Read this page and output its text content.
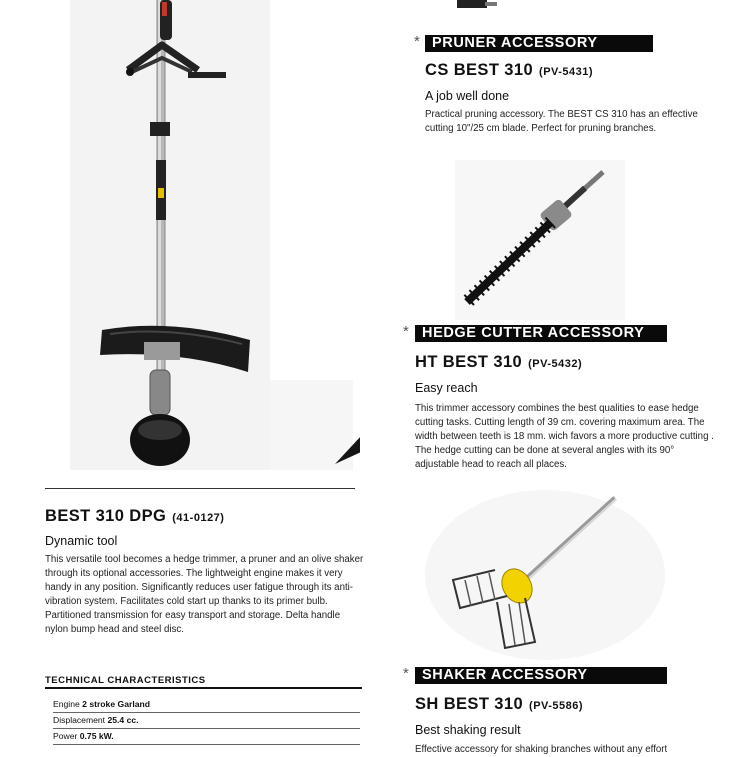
BEST 310 DPG (41-0127)
Dynamic tool
This versatile tool becomes a hedge trimmer, a pruner and an olive shaker through its optional accessories. The lightweight engine makes it very handy in any position. Significantly reduces user fatigue through its anti-vibration system. Facilitates cold start up thanks to its primer bulb. Partitioned transmission for easy transport and storage. Delta handle nylon bump head and steel disc.
TECHNICAL CHARACTERISTICS
Engine 2 stroke Garland
Displacement 25.4 cc.
Power 0.75 kW.
* PRUNER ACCESSORY
CS BEST 310 (PV-5431)
A job well done
Practical pruning accessory. The BEST CS 310 has an effective cutting 10"/25 cm blade. Perfect for pruning branches.
* HEDGE CUTTER ACCESSORY
HT BEST 310 (PV-5432)
Easy reach
This trimmer accessory combines the best qualities to ease hedge cutting tasks. Cutting length of 39 cm. covering maximum area. The width between teeth is 18 mm. wich favors a more productive cutting . The hedge cutting can be done at several angles with its 90° adjustable head to reach all places.
* SHAKER ACCESSORY
SH BEST 310 (PV-5586)
Best shaking result
Effective accessory for shaking branches without any effort
